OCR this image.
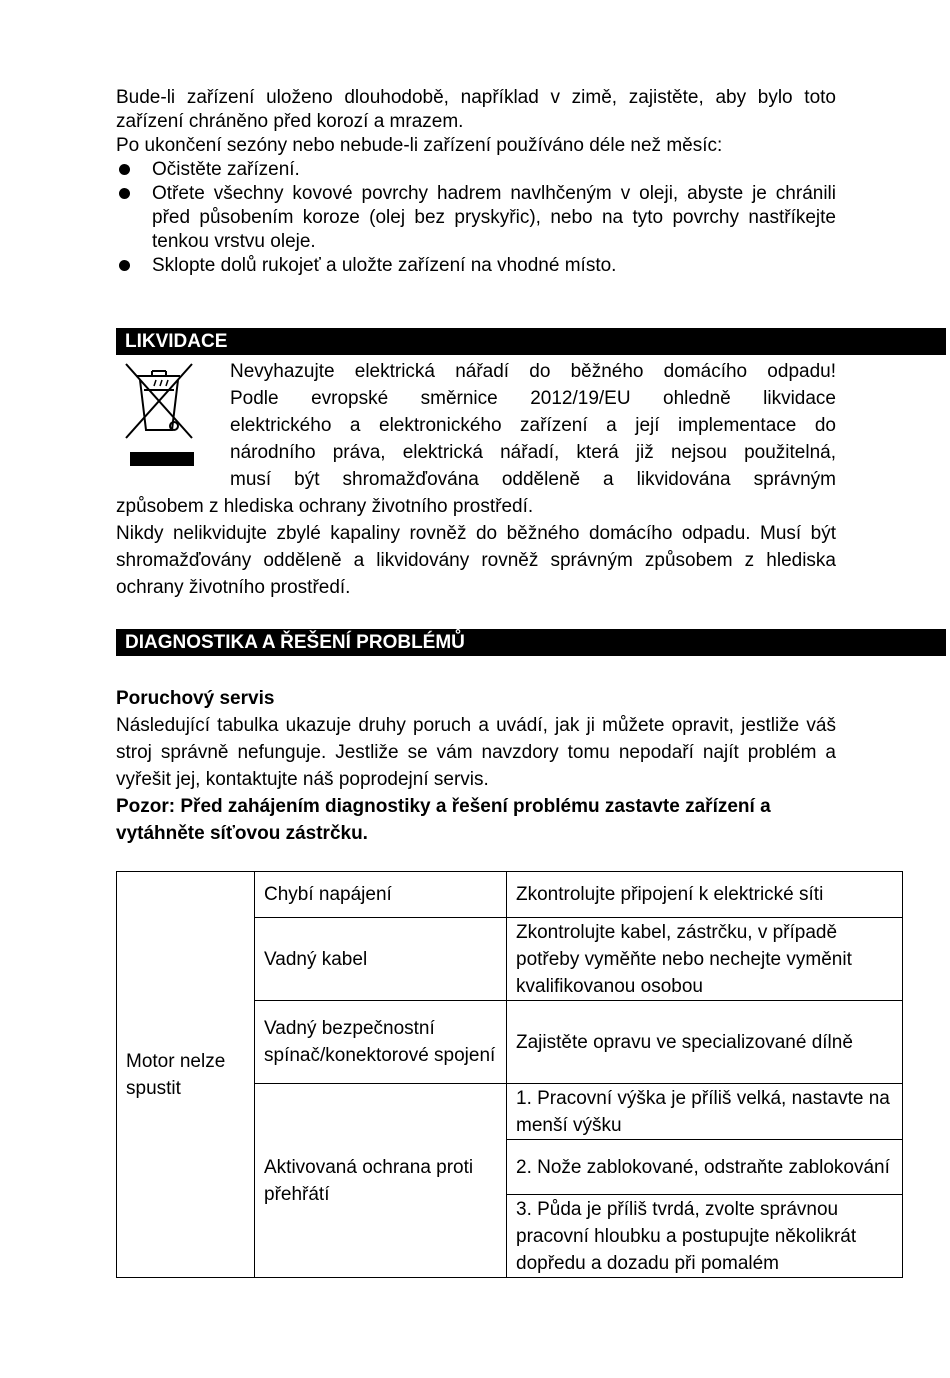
Bude-li zařízení uloženo dlouhodobě, například v zimě, zajistěte, aby bylo toto zařízení chráněno před korozí a mrazem.
Po ukončení sezóny nebo nebude-li zařízení používáno déle než měsíc:
Očistěte zařízení.
Otřete všechny kovové povrchy hadrem navlhčeným v oleji, abyste je chránili před působením koroze (olej bez pryskyřic), nebo na tyto povrchy nastříkejte tenkou vrstvu oleje.
Sklopte dolů rukojeť a uložte zařízení na vhodné místo.
LIKVIDACE
Nevyhazujte elektrická nářadí do běžného domácího odpadu!
Podle evropské směrnice 2012/19/EU ohledně likvidace
elektrického a elektronického zařízení a její implementace do
národního práva, elektrická nářadí, která již nejsou použitelná,
musí být shromažďována odděleně a likvidována správným
způsobem z hlediska ochrany životního prostředí.
Nikdy nelikvidujte zbylé kapaliny rovněž do běžného domácího odpadu. Musí být shromažďovány odděleně a likvidovány rovněž správným způsobem z hlediska ochrany životního prostředí.
DIAGNOSTIKA A ŘEŠENÍ PROBLÉMŮ
Poruchový servis
Následující tabulka ukazuje druhy poruch a uvádí, jak ji můžete opravit, jestliže váš stroj správně nefunguje. Jestliže se vám navzdory tomu nepodaří najít problém a vyřešit jej, kontaktujte náš poprodejní servis.
Pozor: Před zahájením diagnostiky a řešení problému zastavte zařízení a vytáhněte síťovou zástrčku.
Motor nelze spustit	Chybí napájení	Zkontrolujte připojení k elektrické síti
	Vadný kabel	Zkontrolujte kabel, zástrčku, v případě potřeby vyměňte nebo nechejte vyměnit kvalifikovanou osobou
	Vadný bezpečnostní spínač/konektorové spojení	Zajistěte opravu ve specializované dílně
	Aktivovaná ochrana proti přehřátí	1. Pracovní výška je příliš velká, nastavte na menší výšku
		2. Nože zablokované, odstraňte zablokování
		3. Půda je příliš tvrdá, zvolte správnou pracovní hloubku a postupujte několikrát dopředu a dozadu při pomalém
